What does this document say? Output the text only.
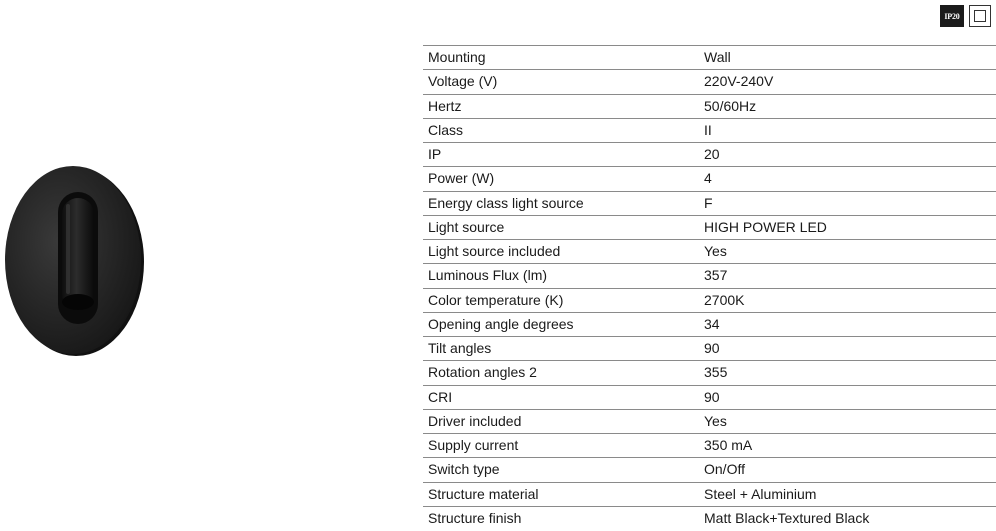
IP20
Mounting	Wall
Voltage (V)	220V-240V
Hertz	50/60Hz
Class	II
IP	20
Power (W)	4
Energy class light source	F
Light source	HIGH POWER LED
Light source included	Yes
Luminous Flux (lm)	357
Color temperature (K)	2700K
Opening angle degrees	34
Tilt angles	90
Rotation angles 2	355
CRI	90
Driver included	Yes
Supply current	350 mA
Switch type	On/Off
Structure material	Steel + Aluminium
Structure finish	Matt Black+Textured Black
